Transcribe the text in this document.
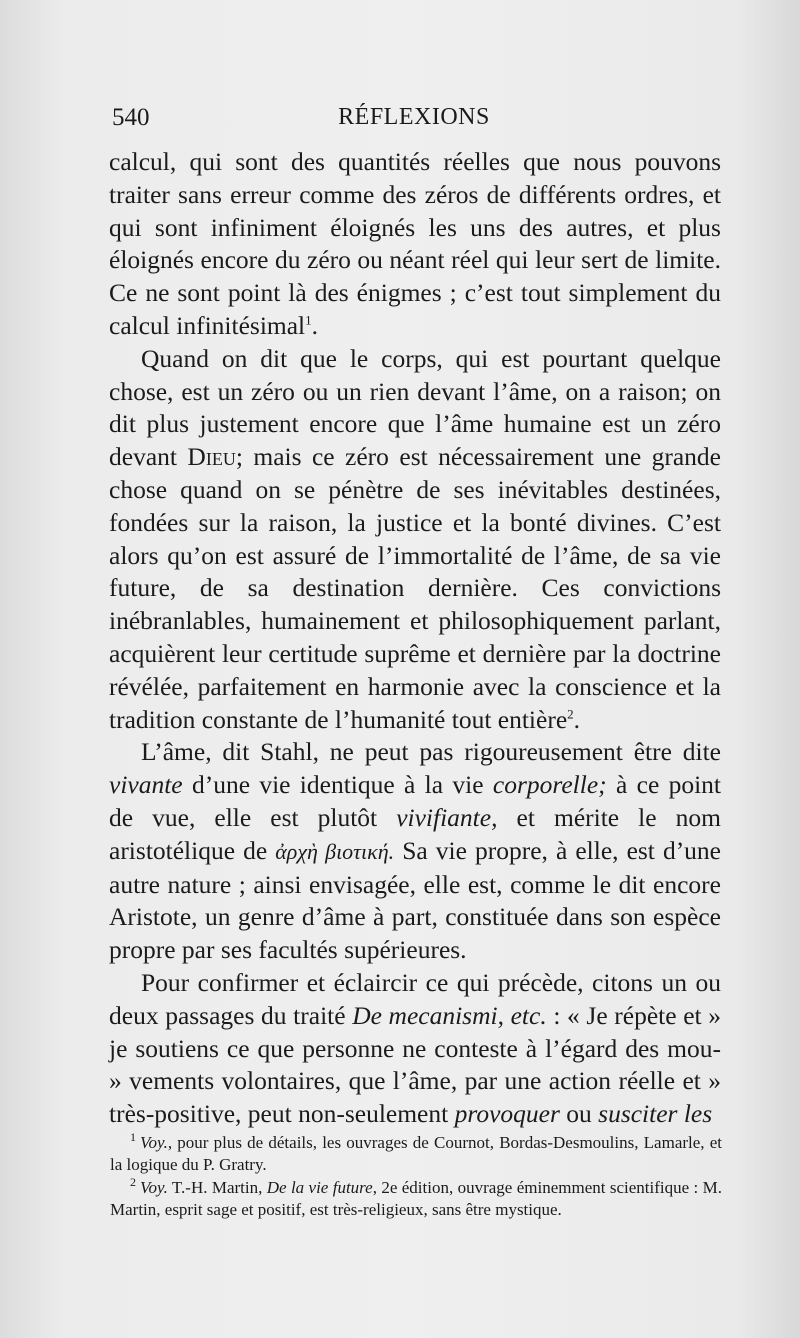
540	RÉFLEXIONS

calcul, qui sont des quantités réelles que nous pouvons traiter sans erreur comme des zéros de différents ordres, et qui sont infiniment éloignés les uns des autres, et plus éloignés encore du zéro ou néant réel qui leur sert de limite. Ce ne sont point là des énigmes ; c’est tout simplement du calcul infinitésimal$^1$.

Quand on dit que le corps, qui est pourtant quelque chose, est un zéro ou un rien devant l’âme, on a raison; on dit plus justement encore que l’âme humaine est un zéro devant Dieu; mais ce zéro est nécessairement une grande chose quand on se pénètre de ses inévitables destinées, fondées sur la raison, la justice et la bonté divines. C’est alors qu’on est assuré de l’immortalité de l’âme, de sa vie future, de sa destination dernière. Ces convictions inébranlables, humainement et philosophiquement parlant, acquièrent leur certitude suprême et dernière par la doctrine révélée, parfaitement en harmonie avec la conscience et la tradition constante de l’humanité tout entière$^2$.

L’âme, dit Stahl, ne peut pas rigoureusement être dite vivante d’une vie identique à la vie corporelle; à ce point de vue, elle est plutôt vivifiante, et mérite le nom aristotélique de ἀρχὴ βιοτική. Sa vie propre, à elle, est d’une autre nature ; ainsi envisagée, elle est, comme le dit encore Aristote, un genre d’âme à part, constituée dans son espèce propre par ses facultés supérieures.

Pour confirmer et éclaircir ce qui précède, citons un ou deux passages du traité De mecanismi, etc. : « Je répète et » je soutiens ce que personne ne conteste à l’égard des mou- » vements volontaires, que l’âme, par une action réelle et » très-positive, peut non-seulement provoquer ou susciter les

$^1$ Voy., pour plus de détails, les ouvrages de Cournot, Bordas-Desmoulins, Lamarle, et la logique du P. Gratry.

$^2$ Voy. T.-H. Martin, De la vie future, 2e édition, ouvrage éminemment scientifique : M. Martin, esprit sage et positif, est très-religieux, sans être mystique.
